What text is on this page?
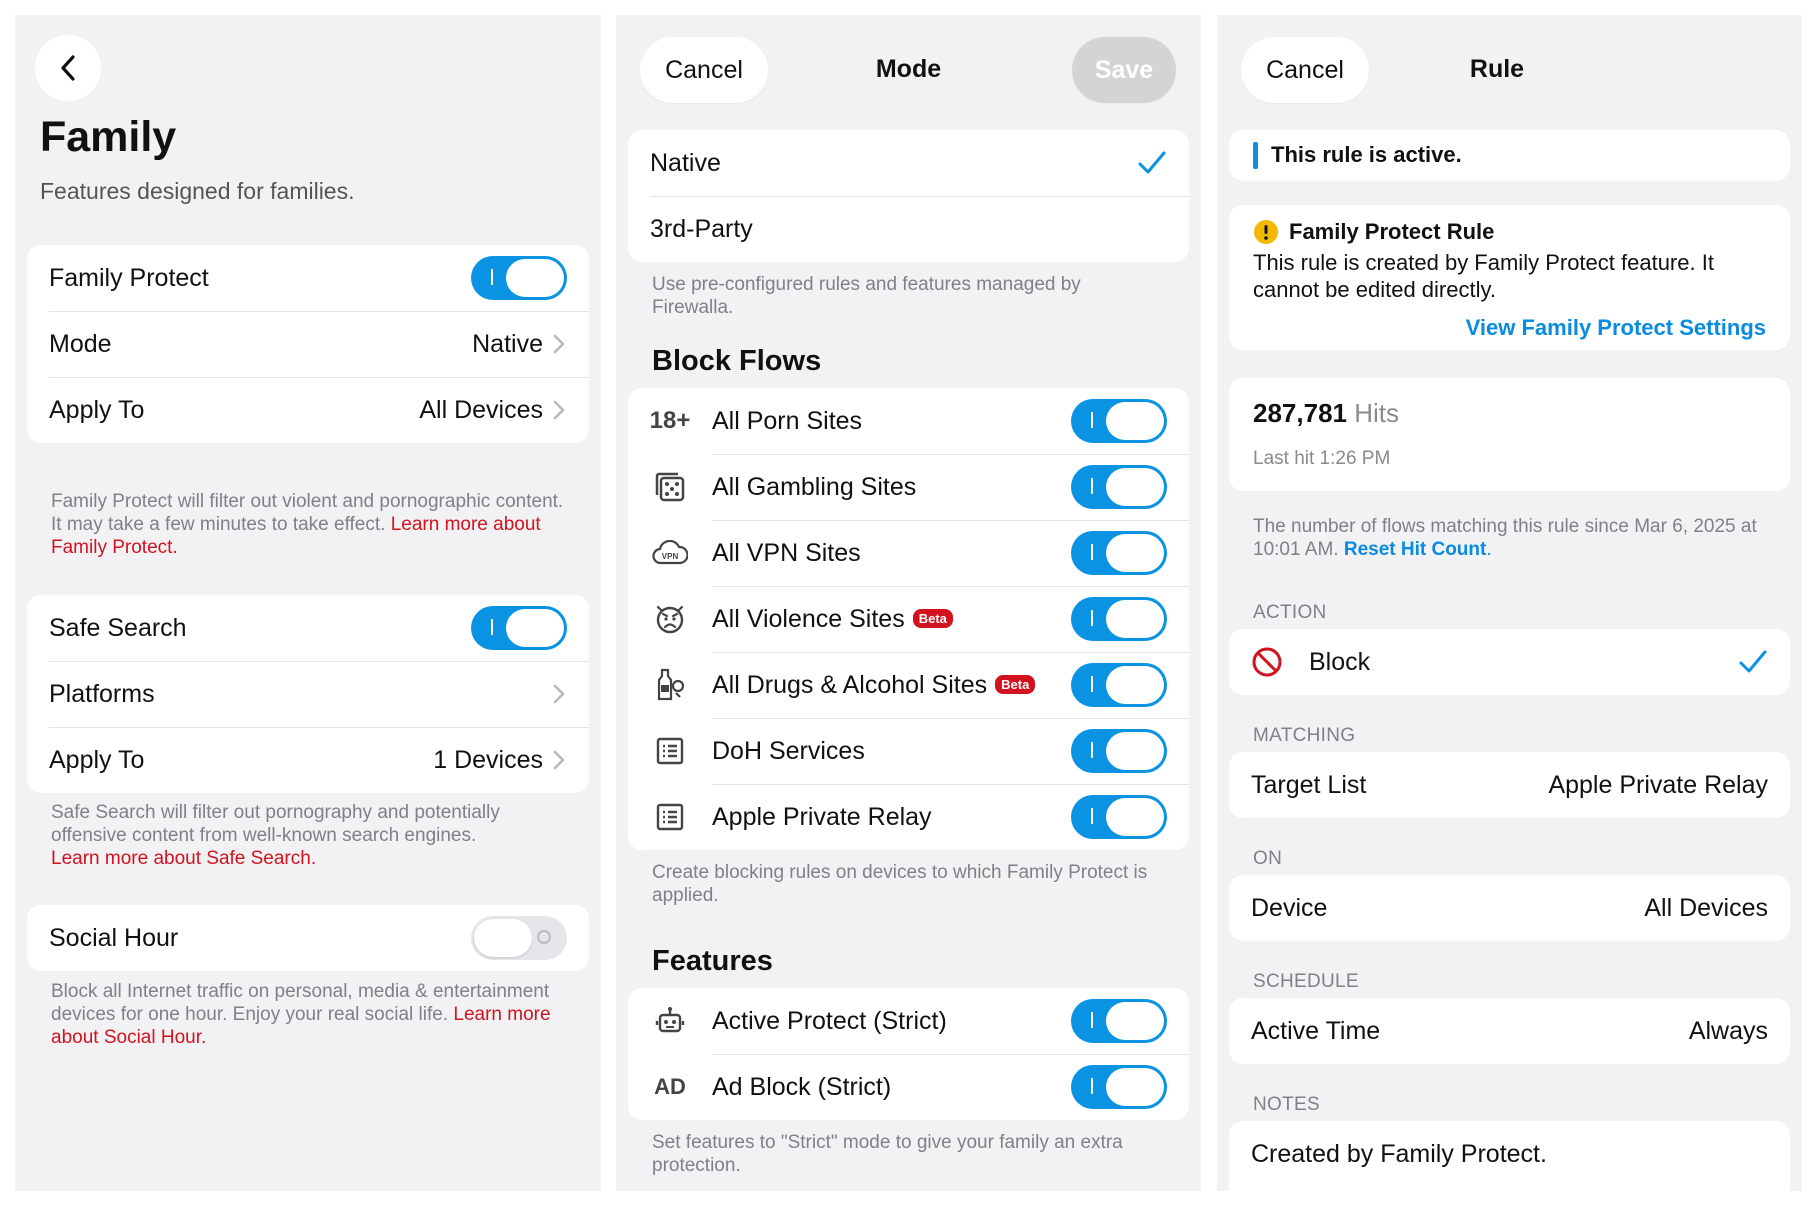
Family
Features designed for families.
Family Protect
Mode	Native
Apply To	All Devices
Family Protect will filter out violent and pornographic content. It may take a few minutes to take effect. Learn more about Family Protect.
Safe Search
Platforms
Apply To	1 Devices
Safe Search will filter out pornography and potentially offensive content from well-known search engines.
Learn more about Safe Search.
Social Hour
Block all Internet traffic on personal, media & entertainment devices for one hour. Enjoy your real social life. Learn more about Social Hour.
Cancel	Mode	Save
Native
3rd-Party
Use pre-configured rules and features managed by Firewalla.
Block Flows
18+ All Porn Sites
All Gambling Sites
VPN All VPN Sites
All Violence Sites Beta
All Drugs & Alcohol Sites Beta
DoH Services
Apple Private Relay
Create blocking rules on devices to which Family Protect is applied.
Features
Active Protect (Strict)
AD Ad Block (Strict)
Set features to "Strict" mode to give your family an extra protection.
Cancel	Rule
This rule is active.
Family Protect Rule
This rule is created by Family Protect feature. It cannot be edited directly.
View Family Protect Settings
287,781 Hits
Last hit 1:26 PM
The number of flows matching this rule since Mar 6, 2025 at 10:01 AM. Reset Hit Count.
ACTION
Block
MATCHING
Target List	Apple Private Relay
ON
Device	All Devices
SCHEDULE
Active Time	Always
NOTES
Created by Family Protect.
